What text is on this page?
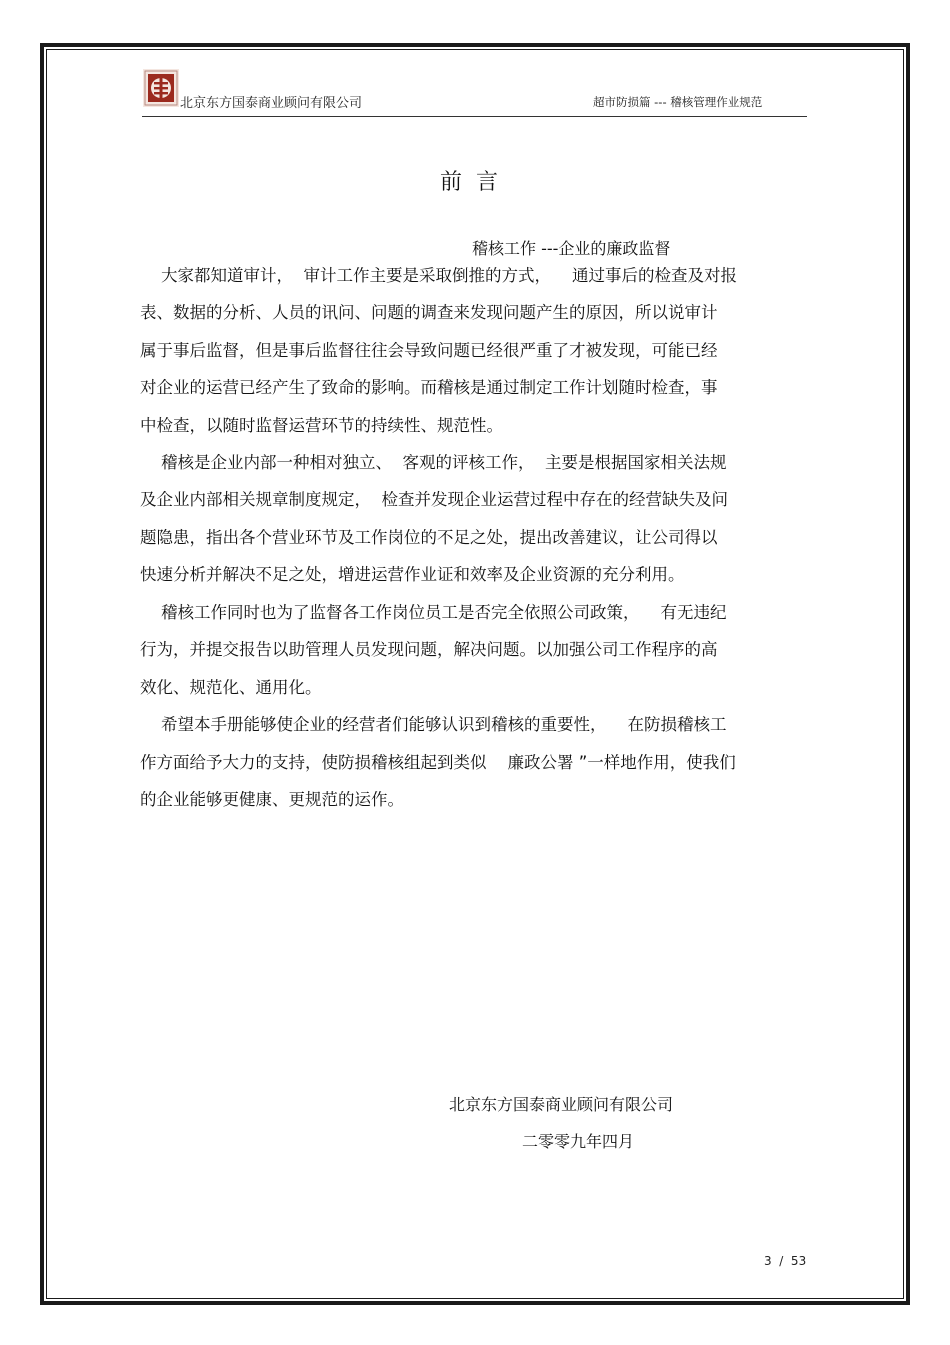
北京东方国泰商业顾问有限公司	超市防损篇 --- 稽核管理作业规范
前言
稽核工作 ---企业的廉政监督
大家都知道审计，  审计工作主要是采取倒推的方式，    通过事后的检查及对报
表、数据的分析、人员的讯问、问题的调查来发现问题产生的原因，所以说审计
属于事后监督，但是事后监督往往会导致问题已经很严重了才被发现，可能已经
对企业的运营已经产生了致命的影响。而稽核是通过制定工作计划随时检查，事
中检查，以随时监督运营环节的持续性、规范性。
稽核是企业内部一种相对独立、  客观的评核工作，  主要是根据国家相关法规
及企业内部相关规章制度规定，  检查并发现企业运营过程中存在的经营缺失及问
题隐患，指出各个营业环节及工作岗位的不足之处，提出改善建议，让公司得以
快速分析并解决不足之处，增进运营作业证和效率及企业资源的充分利用。
稽核工作同时也为了监督各工作岗位员工是否完全依照公司政策，    有无违纪
行为，并提交报告以助管理人员发现问题，解决问题。以加强公司工作程序的高
效化、规范化、通用化。
希望本手册能够使企业的经营者们能够认识到稽核的重要性，    在防损稽核工
作方面给予大力的支持，使防损稽核组起到类似    廉政公署 ”一样地作用，使我们
的企业能够更健康、更规范的运作。
北京东方国泰商业顾问有限公司
二零零九年四月
3  /  53
